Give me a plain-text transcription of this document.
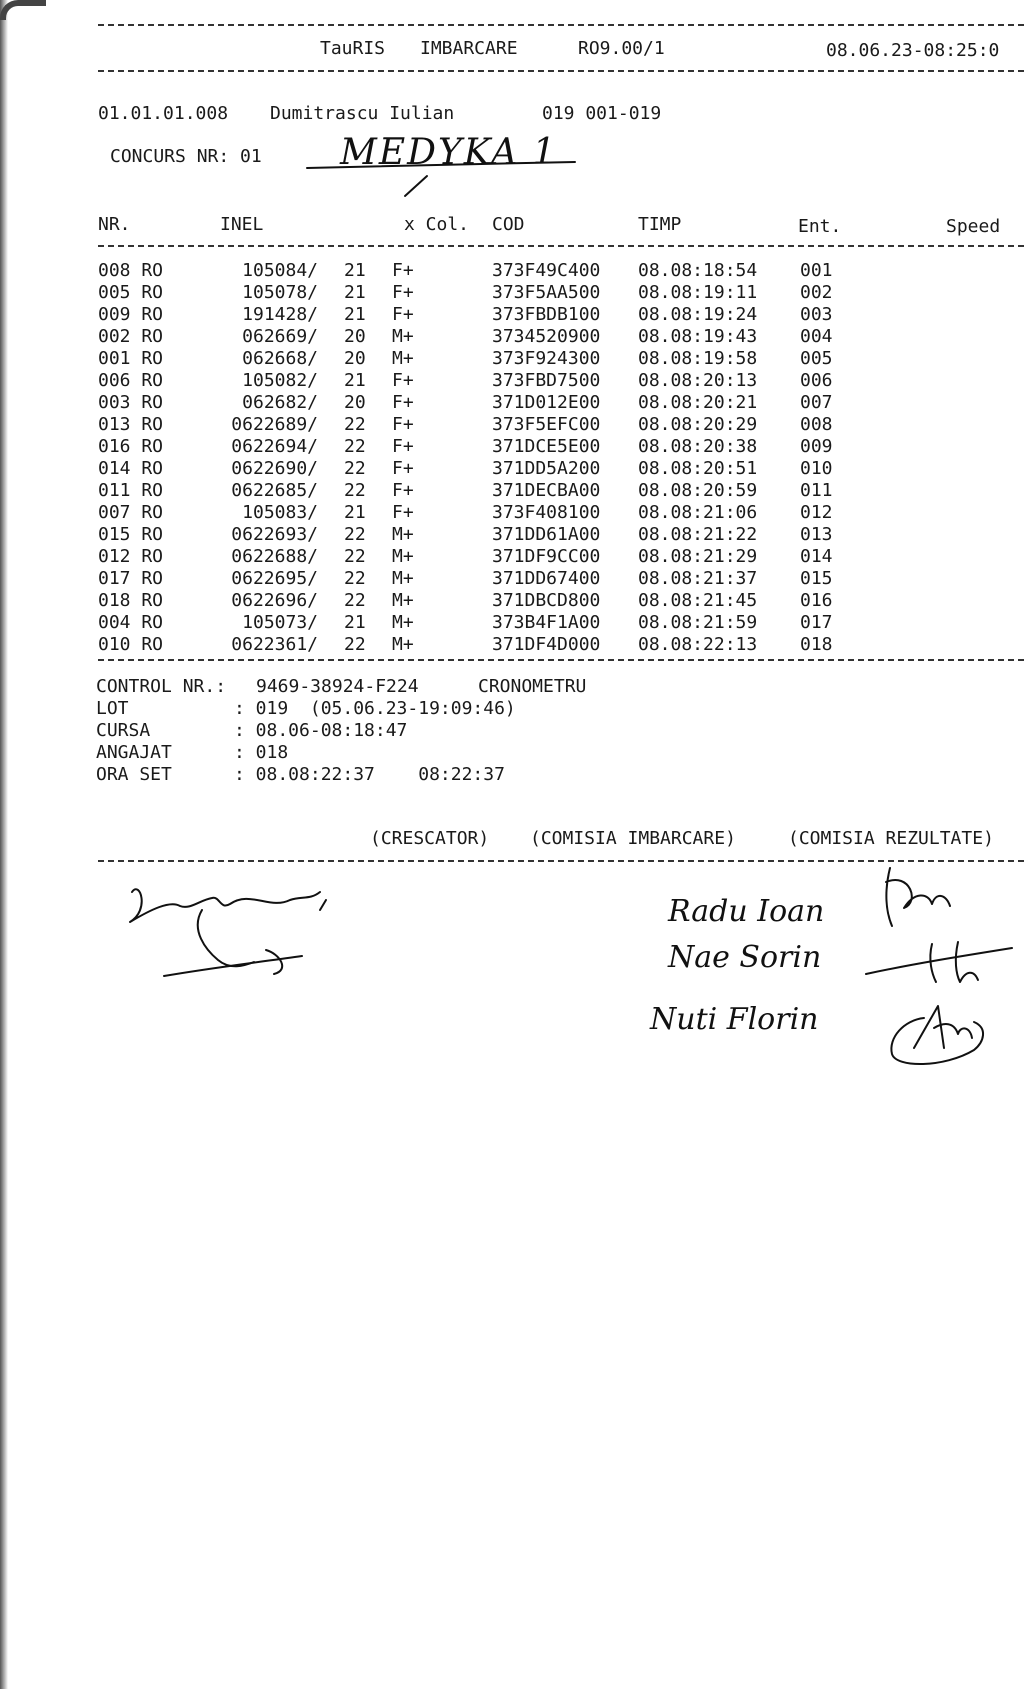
TauRIS IMBARCARE	RO9.00/1	08.06.23-08:25:0
01.01.01.008 Dumitrascu Iulian	019 001-019
CONCURS NR: 01 MEDYKA 1
NR.	INEL	x Col. COD	TIMP	Ent.	Speed
008 RO	105084/ 21 F+	373F49C400 08.08:18:54 001
005 RO	105078/ 21 F+	373F5AA500 08.08:19:11 002
009 RO	191428/ 21 F+	373FBDB100 08.08:19:24 003
002 RO	062669/ 20 M+	3734520900 08.08:19:43 004
001 RO	062668/ 20 M+	373F924300 08.08:19:58 005
006 RO	105082/ 21 F+	373FBD7500 08.08:20:13 006
003 RO	062682/ 20 F+	371D012E00 08.08:20:21 007
013 RO	0622689/ 22 F+	373F5EFC00 08.08:20:29 008
016 RO	0622694/ 22 F+	371DCE5E00 08.08:20:38 009
014 RO	0622690/ 22 F+	371DD5A200 08.08:20:51 010
011 RO	0622685/ 22 F+	371DECBA00 08.08:20:59 011
007 RO	105083/ 21 F+	373F408100 08.08:21:06 012
015 RO	0622693/ 22 M+	371DD61A00 08.08:21:22 013
012 RO	0622688/ 22 M+	371DF9CC00 08.08:21:29 014
017 RO	0622695/ 22 M+	371DD67400 08.08:21:37 015
018 RO	0622696/ 22 M+	371DBCD800 08.08:21:45 016
004 RO	105073/ 21 M+	373B4F1A00 08.08:21:59 017
010 RO	0622361/ 22 M+	371DF4D000 08.08:22:13 018
CONTROL NR.: 9469-38924-F224	CRONOMETRU
LOT	: 019  (05.06.23-19:09:46)
CURSA	: 08.06-08:18:47
ANGAJAT	: 018
ORA SET	: 08.08:22:37    08:22:37
(CRESCATOR) (COMISIA IMBARCARE)	(COMISIA REZULTATE)
Radu Ioan
Nae Sorin
Nuti Florin
